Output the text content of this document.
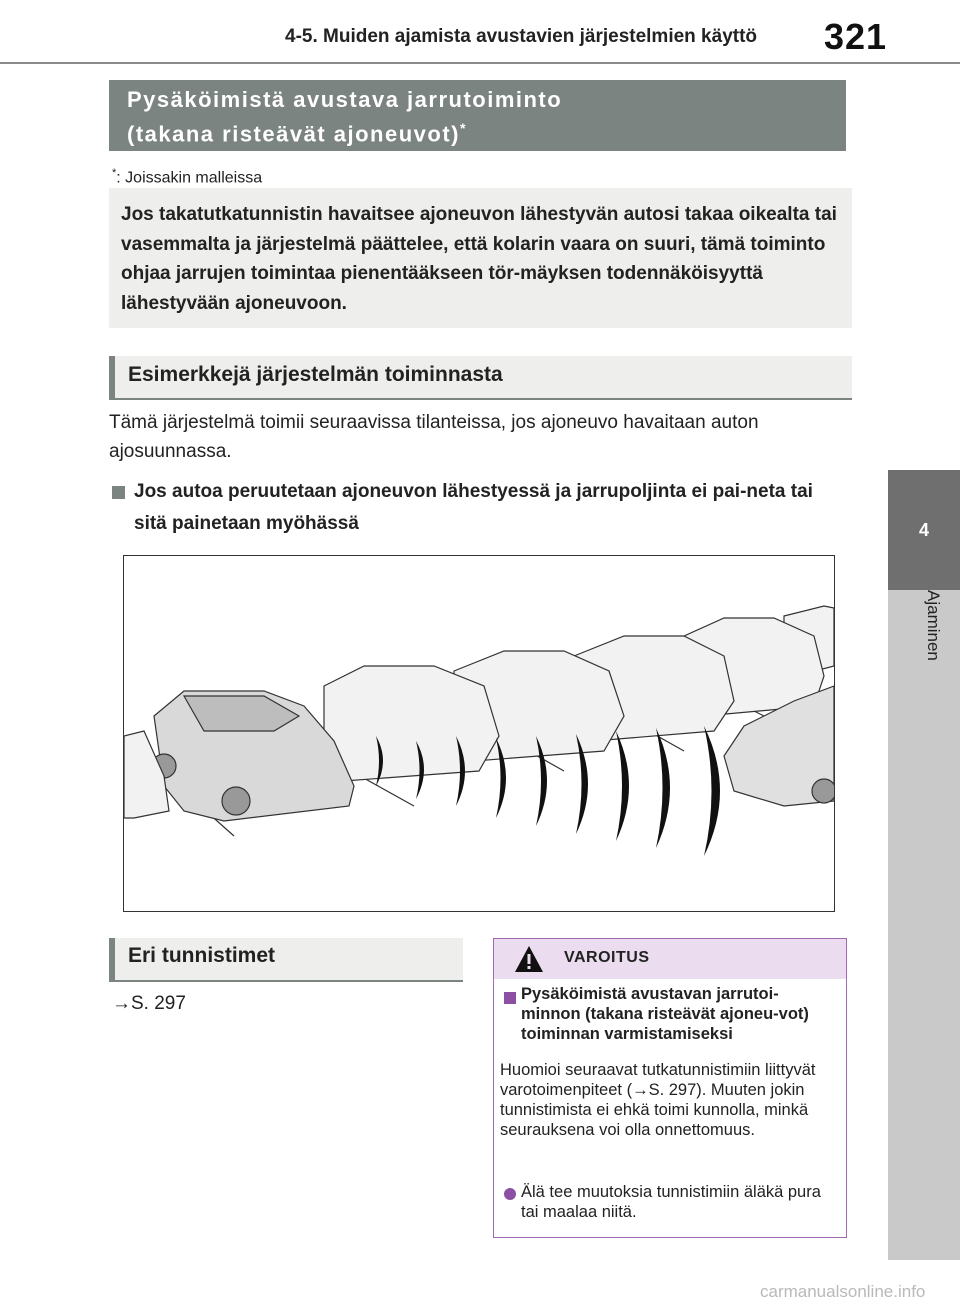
4-5. Muiden ajamista avustavien järjestelmien käyttö 321
4
Ajaminen
Pysäköimistä avustava jarrutoiminto
(takana risteävät ajoneuvot)*
*: Joissakin malleissa
Jos takatutkatunnistin havaitsee ajoneuvon lähestyvän autosi takaa oikealta tai vasemmalta ja järjestelmä päättelee, että kolarin vaara on suuri, tämä toiminto ohjaa jarrujen toimintaa pienentääkseen tör-mäyksen todennäköisyyttä lähestyvään ajoneuvoon.
Esimerkkejä järjestelmän toiminnasta
Tämä järjestelmä toimii seuraavissa tilanteissa, jos ajoneuvo havaitaan auton ajosuunnassa.
Jos autoa peruutetaan ajoneuvon lähestyessä ja jarrupoljinta ei pai-neta tai sitä painetaan myöhässä
Eri tunnistimet
→S. 297
VAROITUS
Pysäköimistä avustavan jarrutoi-minnon (takana risteävät ajoneu-vot) toiminnan varmistamiseksi
Huomioi seuraavat tutkatunnistimiin liittyvät varotoimenpiteet (→S. 297). Muuten jokin tunnistimista ei ehkä toimi kunnolla, minkä seurauksena voi olla onnettomuus.
Älä tee muutoksia tunnistimiin äläkä pura tai maalaa niitä.
carmanualsonline.info
